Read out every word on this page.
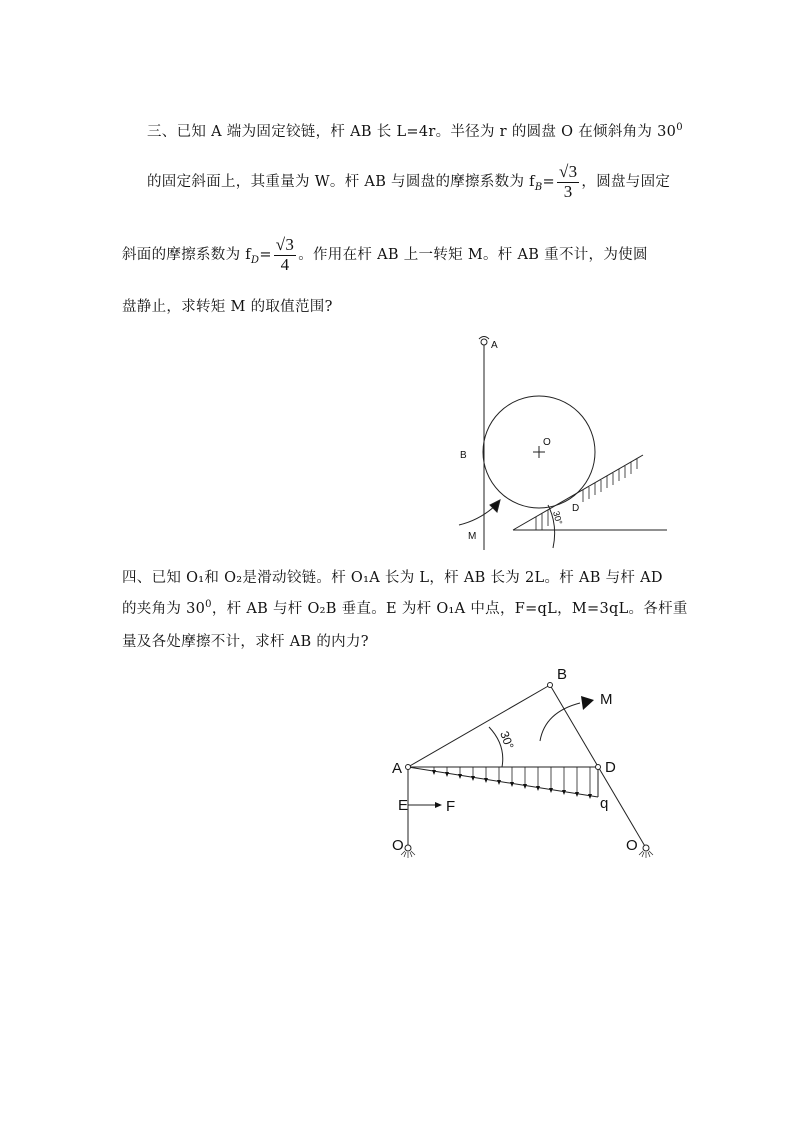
三、已知 A 端为固定铰链，杆 AB 长 L=4r。半径为 r 的圆盘 O 在倾斜角为 $30^0$
的固定斜面上，其重量为 W。杆 AB 与圆盘的摩擦系数为 $f_B= \frac{√3}{3}$ ，圆盘与固定
斜面的摩擦系数为 $f_D= \frac{√3}{4}$ 。作用在杆 AB 上一转矩 M。杆 AB 重不计，为使圆
盘静止，求转矩 M 的取值范围?
A
B
O
D
M
30°
四、已知 O₁和 O₂是滑动铰链。杆 O₁A 长为 L，杆 AB 长为 2L。杆 AB 与杆 AD
的夹角为 $30^0$，杆 AB 与杆 O₂B 垂直。E 为杆 O₁A 中点，F=qL，M=3qL。各杆重
量及各处摩擦不计，求杆 AB 的内力?
B
A	D
E	F	q
M
O	O
30°
